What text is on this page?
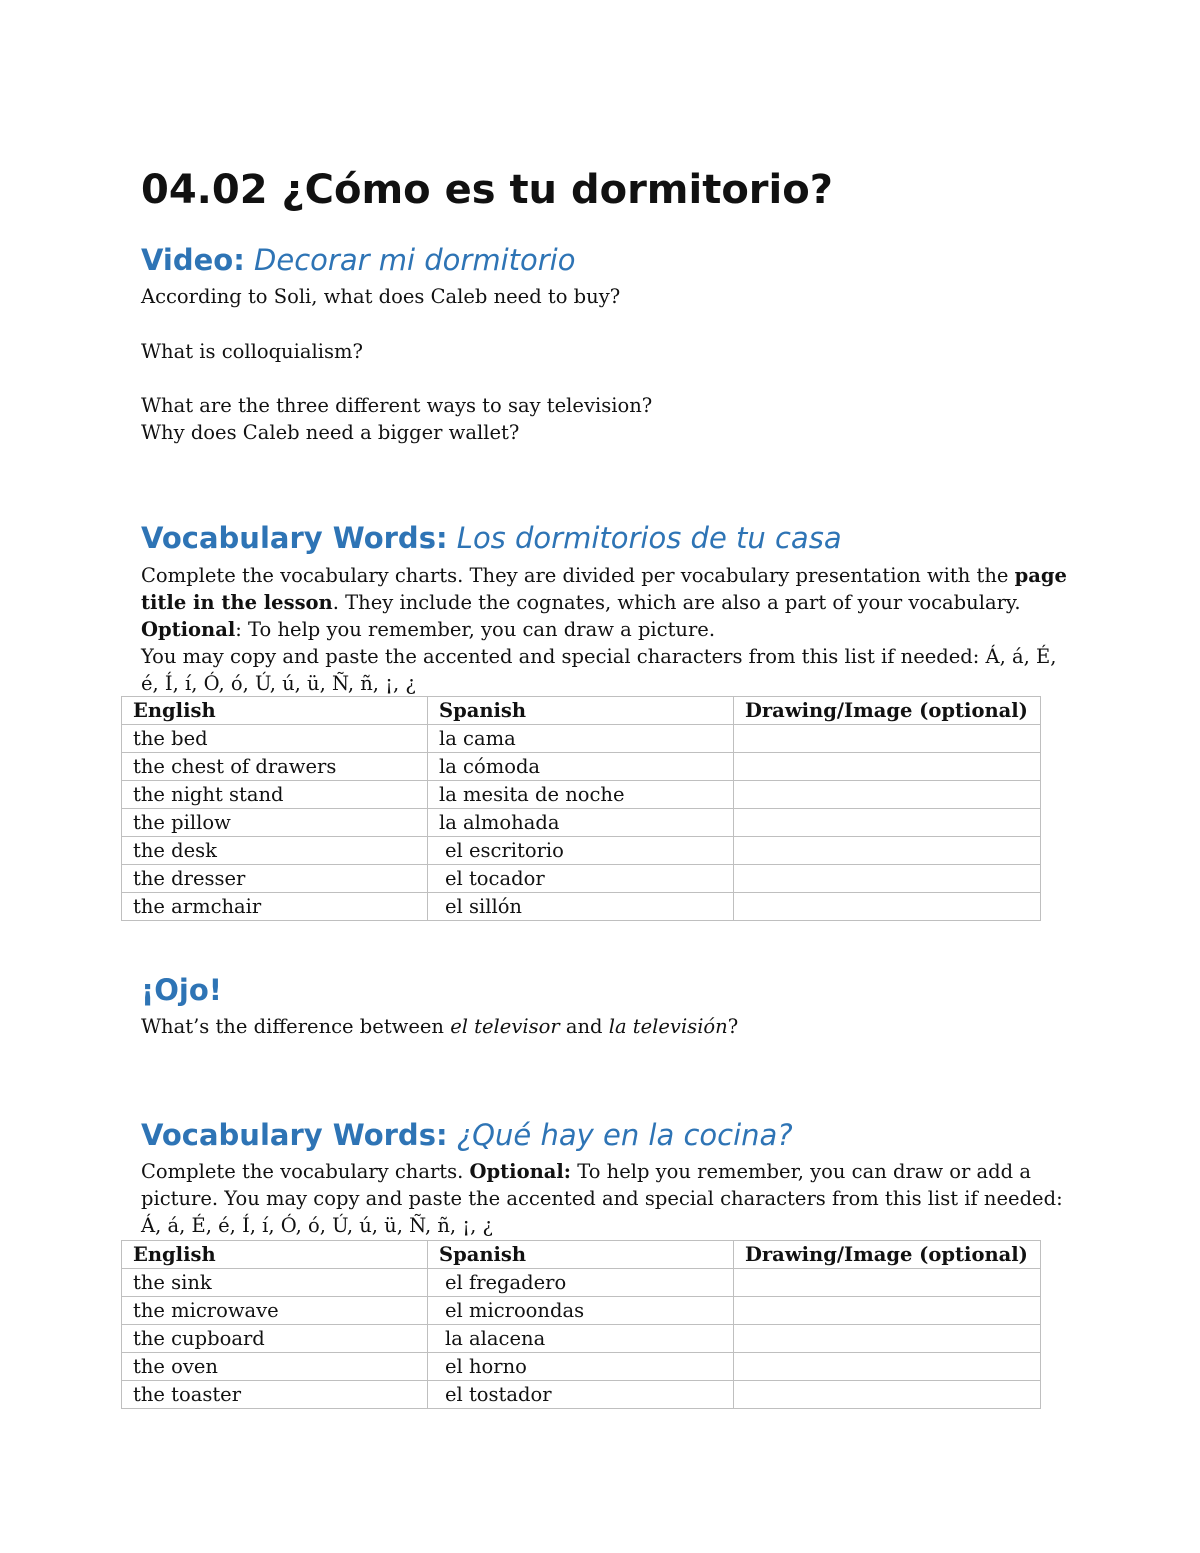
04.02 ¿Cómo es tu dormitorio?
Video: Decorar mi dormitorio
According to Soli, what does Caleb need to buy?
What is colloquialism?
What are the three different ways to say television?
Why does Caleb need a bigger wallet?
Vocabulary Words: Los dormitorios de tu casa
Complete the vocabulary charts. They are divided per vocabulary presentation with the page title in the lesson. They include the cognates, which are also a part of your vocabulary. Optional: To help you remember, you can draw a picture.
You may copy and paste the accented and special characters from this list if needed: Á, á, É, é, Í, í, Ó, ó, Ú, ú, ü, Ñ, ñ, ¡, ¿
English	Spanish	Drawing/Image (optional)
the bed	la cama	
the chest of drawers	la cómoda	
the night stand	la mesita de noche	
the pillow	la almohada	
the desk	el escritorio	
the dresser	el tocador	
the armchair	el sillón	
¡Ojo!
What’s the difference between el televisor and la televisión?
Vocabulary Words: ¿Qué hay en la cocina?
Complete the vocabulary charts. Optional: To help you remember, you can draw or add a picture. You may copy and paste the accented and special characters from this list if needed: Á, á, É, é, Í, í, Ó, ó, Ú, ú, ü, Ñ, ñ, ¡, ¿
English	Spanish	Drawing/Image (optional)
the sink	el fregadero	
the microwave	el microondas	
the cupboard	la alacena	
the oven	el horno	
the toaster	el tostador	
